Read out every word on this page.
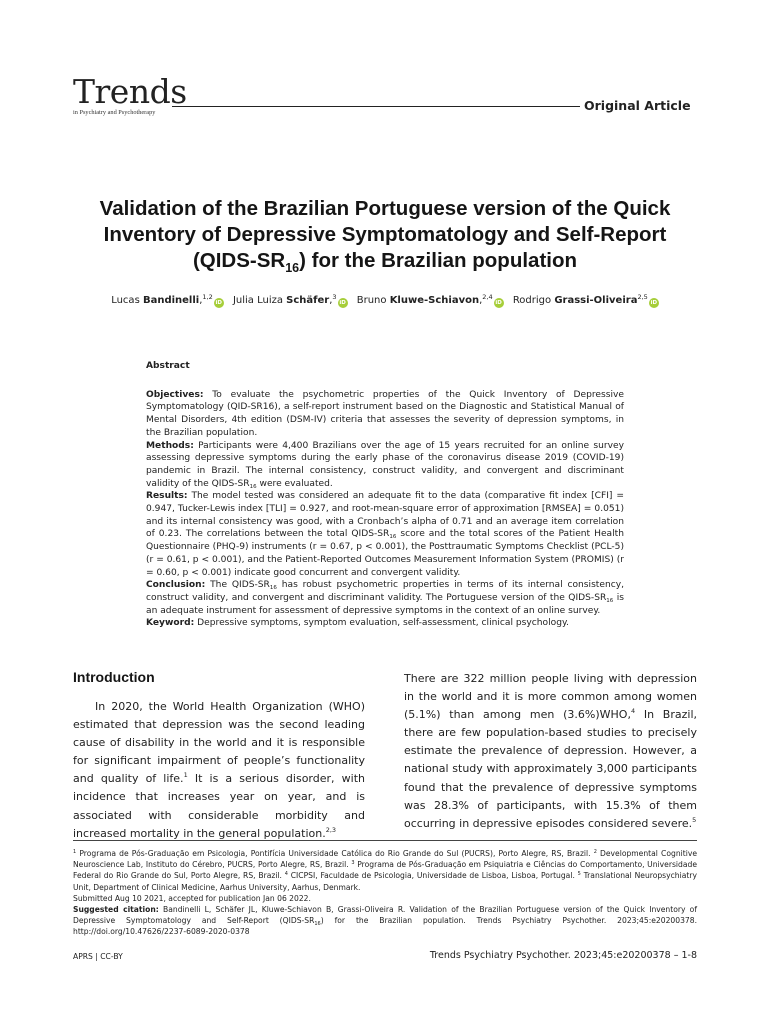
Trends
in Psychiatry and Psychotherapy	Original Article
Validation of the Brazilian Portuguese version of the Quick
Inventory of Depressive Symptomatology and Self-Report
$(QIDS-SR_{16})$ for the Brazilian population
Lucas Bandinelli,$^{1,2}$iD Julia Luiza Schäfer,$^3$iD Bruno Kluwe-Schiavon,$^{2,4}$iD Rodrigo Grassi-Oliveira$^{2,5}$iD
Abstract

Objectives: To evaluate the psychometric properties of the Quick Inventory of Depressive Symptomatology (QID-SR16), a self-report instrument based on the Diagnostic and Statistical Manual of Mental Disorders, 4th edition (DSM-IV) criteria that assesses the severity of depression symptoms, in the Brazilian population.

Methods: Participants were 4,400 Brazilians over the age of 15 years recruited for an online survey assessing depressive symptoms during the early phase of the coronavirus disease 2019 (COVID-19) pandemic in Brazil. The internal consistency, construct validity, and convergent and discriminant validity of the QIDS-$SR_{16}$ were evaluated.

Results: The model tested was considered an adequate fit to the data (comparative fit index [CFI] = 0.947, Tucker-Lewis index [TLI] = 0.927, and root-mean-square error of approximation [RMSEA] = 0.051) and its internal consistency was good, with a Cronbach’s alpha of 0.71 and an average item correlation of 0.23. The correlations between the total QIDS-$SR_{16}$ score and the total scores of the Patient Health Questionnaire (PHQ-9) instruments (r = 0.67, p < 0.001), the Posttraumatic Symptoms Checklist (PCL-5) (r = 0.61, p < 0.001), and the Patient-Reported Outcomes Measurement Information System (PROMIS) (r = 0.60, p < 0.001) indicate good concurrent and convergent validity.

Conclusion: The QIDS-$SR_{16}$ has robust psychometric properties in terms of its internal consistency, construct validity, and convergent and discriminant validity. The Portuguese version of the QIDS-$SR_{16}$ is an adequate instrument for assessment of depressive symptoms in the context of an online survey.

Keyword: Depressive symptoms, symptom evaluation, self-assessment, clinical psychology.

Introduction

In 2020, the World Health Organization (WHO) estimated that depression was the second leading cause of disability in the world and it is responsible for significant impairment of people’s functionality and quality of life.$^1$ It is a serious disorder, with incidence that increases year on year, and is associated with considerable morbidity and increased mortality in the general population.$^{2,3}$

There are 322 million people living with depression in the world and it is more common among women (5.1%) than among men (3.6%)WHO,$^4$ In Brazil, there are few population-based studies to precisely estimate the prevalence of depression. However, a national study with approximately 3,000 participants found that the prevalence of depressive symptoms was 28.3% of participants, with 15.3% of them occurring in depressive episodes considered severe.$^5$

$^1$ Programa de Pós-Graduação em Psicologia, Pontifícia Universidade Católica do Rio Grande do Sul (PUCRS), Porto Alegre, RS, Brazil. $^2$ Developmental Cognitive Neuroscience Lab, Instituto do Cérebro, PUCRS, Porto Alegre, RS, Brazil. $^3$ Programa de Pós-Graduação em Psiquiatria e Ciências do Comportamento, Universidade Federal do Rio Grande do Sul, Porto Alegre, RS, Brazil. $^4$ CICPSI, Faculdade de Psicologia, Universidade de Lisboa, Lisboa, Portugal. $^5$ Translational Neuropsychiatry Unit, Department of Clinical Medicine, Aarhus University, Aarhus, Denmark.

Submitted Aug 10 2021, accepted for publication Jan 06 2022.

Suggested citation: Bandinelli L, Schäfer JL, Kluwe-Schiavon B, Grassi-Oliveira R. Validation of the Brazilian Portuguese version of the Quick Inventory of Depressive Symptomatology and Self-Report $(QIDS-SR_{16})$ for the Brazilian population. Trends Psychiatry Psychother. 2023;45:e20200378. http://doi.org/10.47626/2237-6089-2020-0378

APRS | CC-BY	Trends Psychiatry Psychother. 2023;45:e20200378 – 1-8
